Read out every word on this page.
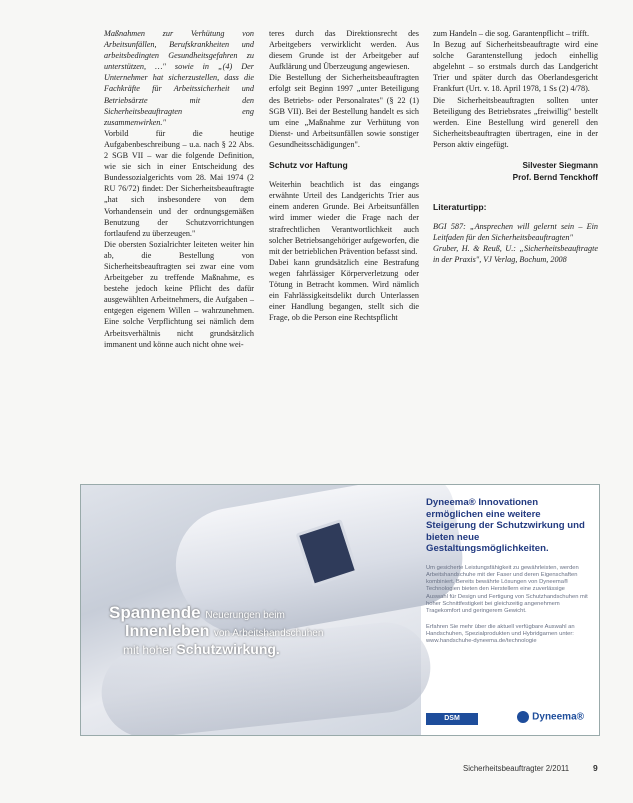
Maßnahmen zur Verhütung von Arbeitsunfällen, Berufskrankheiten und arbeitsbedingten Gesundheitsgefahren zu unterstützen, …" sowie in „(4) Der Unternehmer hat sicherzustellen, dass die Fachkräfte für Arbeitssicherheit und Betriebsärzte mit den Sicherheitsbeauftragten eng zusammenwirken."

Vorbild für die heutige Aufgabenbeschreibung – u.a. nach § 22 Abs. 2 SGB VII – war die folgende Definition, wie sie sich in einer Entscheidung des Bundessozialgerichts vom 28. Mai 1974 (2 RU 76/72) findet: Der Sicherheitsbeauftragte „hat sich insbesondere von dem Vorhandensein und der ordnungsgemäßen Benutzung der Schutzvorrichtungen fortlaufend zu überzeugen."

Die obersten Sozialrichter leiteten weiter hin ab, die Bestellung von Sicherheitsbeauftragten sei zwar eine vom Arbeitgeber zu treffende Maßnahme, es bestehe jedoch keine Pflicht des dafür ausgewählten Arbeitnehmers, die Aufgaben – entgegen eigenem Willen – wahrzunehmen. Eine solche Verpflichtung sei nämlich dem Arbeitsverhältnis nicht grundsätzlich immanent und könne auch nicht ohne wei-

teres durch das Direktionsrecht des Arbeitgebers verwirklicht werden. Aus diesem Grunde ist der Arbeitgeber auf Aufklärung und Überzeugung angewiesen.

Die Bestellung der Sicherheitsbeauftragten erfolgt seit Beginn 1997 „unter Beteiligung des Betriebs- oder Personalrates" (§ 22 (1) SGB VII). Bei der Bestellung handelt es sich um eine „Maßnahme zur Verhütung von Dienst- und Arbeitsunfällen sowie sonstiger Gesundheitsschädigungen".

Schutz vor Haftung

Weiterhin beachtlich ist das eingangs erwähnte Urteil des Landgerichts Trier aus einem anderen Grunde. Bei Arbeitsunfällen wird immer wieder die Frage nach der strafrechtlichen Verantwortlichkeit auch solcher Betriebsangehöriger aufgeworfen, die mit der betrieblichen Prävention befasst sind.

Dabei kann grundsätzlich eine Bestrafung wegen fahrlässiger Körperverletzung oder Tötung in Betracht kommen. Wird nämlich ein Fahrlässigkeitsdelikt durch Unterlassen einer Handlung begangen, stellt sich die Frage, ob die Person eine Rechtspflicht

zum Handeln – die sog. Garantenpflicht – trifft.

In Bezug auf Sicherheitsbeauftragte wird eine solche Garantenstellung jedoch einhellig abgelehnt – so erstmals durch das Landgericht Trier und später durch das Oberlandesgericht Frankfurt (Urt. v. 18. April 1978, 1 Ss (2) 4/78).

Die Sicherheitsbeauftragten sollten unter Beteiligung des Betriebsrates „freiwillig" bestellt werden. Eine Bestellung wird generell den Sicherheitsbeauftragten übertragen, eine in der Person aktiv eingefügt.

Silvester Siegmann
Prof. Bernd Tenckhoff
Literaturtipp:

BGI 587: „Ansprechen will gelernt sein – Ein Leitfaden für den Sicherheitsbeauftragten"

Gruber, H. & Reuß, U.: „Sicherheitsbeauftragte in der Praxis", VJ Verlag, Bochum, 2008

Spannende Neuerungen beim
Innenleben von Arbeitshandschuhen
mit hoher Schutzwirkung.
Dyneema® Innovationen ermöglichen eine weitere Steigerung der Schutzwirkung und bieten neue Gestaltungsmöglichkeiten.
Um gesicherte Leistungsfähigkeit zu gewährleisten, werden Arbeitshandschuhe mit der Faser und deren Eigenschaften kombiniert. Bereits bewährte Lösungen von Dyneema® Technologien bieten den Herstellern eine zuverlässige Auswahl für Design und Fertigung von Schutzhandschuhen mit hoher Schnittfestigkeit bei gleichzeitig angenehmem Tragekomfort und geringerem Gewicht.
Erfahren Sie mehr über die aktuell verfügbare Auswahl an Handschuhen, Spezialprodukten und Hybridgarnen unter: www.handschuhe-dyneema.de/technologie
DSM	Dyneema®
Sicherheitsbeauftragter 2/2011	9
